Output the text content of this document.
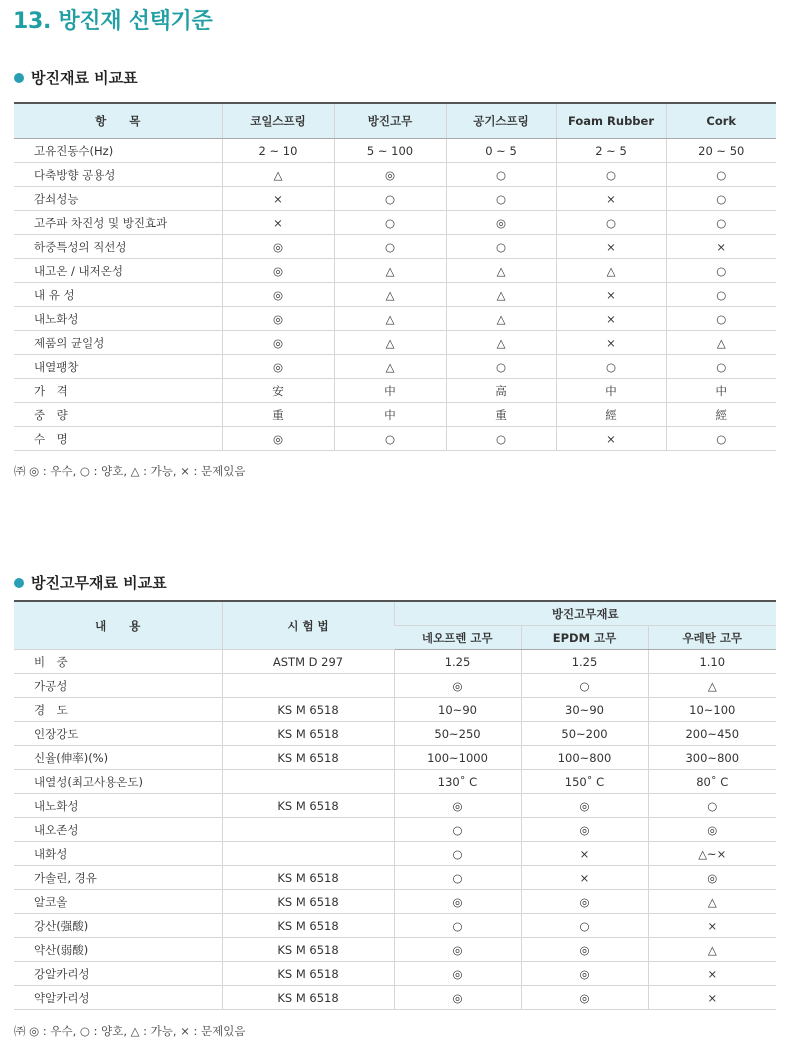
13. 방진재 선택기준
방진재료 비교표
항　　목	코일스프링	방진고무	공기스프링	Foam Rubber	Cork
고유진동수(Hz)	2 ~ 10	5 ~ 100	0 ~ 5	2 ~ 5	20 ~ 50
다축방향 공용성	△	◎	○	○	○
감쇠성능	×	○	○	×	○
고주파 차진성 및 방진효과	×	○	◎	○	○
하중특성의 직선성	◎	○	○	×	×
내고온 / 내저온성	◎	△	△	△	○
내 유 성	◎	△	△	×	○
내노화성	◎	△	△	×	○
제품의 균일성	◎	△	△	×	△
내열팽창	◎	△	○	○	○
가　격	安	中	高	中	中
중　량	重	中	重	經	經
수　명	◎	○	○	×	○
㈜ ◎ : 우수, ○ : 양호, △ : 가능, × : 문제있음
방진고무재료 비교표
내　　용	시 험 법	방진고무재료		
		네오프렌 고무	EPDM 고무	우레탄 고무
비　중	ASTM D 297	1.25	1.25	1.10
가공성		◎	○	△
경　도	KS M 6518	10~90	30~90	10~100
인장강도	KS M 6518	50~250	50~200	200~450
신율(伸率)(%)	KS M 6518	100~1000	100~800	300~800
내열성(최고사용온도)		130˚ C	150˚ C	80˚ C
내노화성	KS M 6518	◎	◎	○
내오존성		○	◎	◎
내화성		○	×	△~×
가솔린, 경유	KS M 6518	○	×	◎
알코올	KS M 6518	◎	◎	△
강산(强酸)	KS M 6518	○	○	×
약산(弱酸)	KS M 6518	◎	◎	△
강알카리성	KS M 6518	◎	◎	×
약알카리성	KS M 6518	◎	◎	×
㈜ ◎ : 우수, ○ : 양호, △ : 가능, × : 문제있음
